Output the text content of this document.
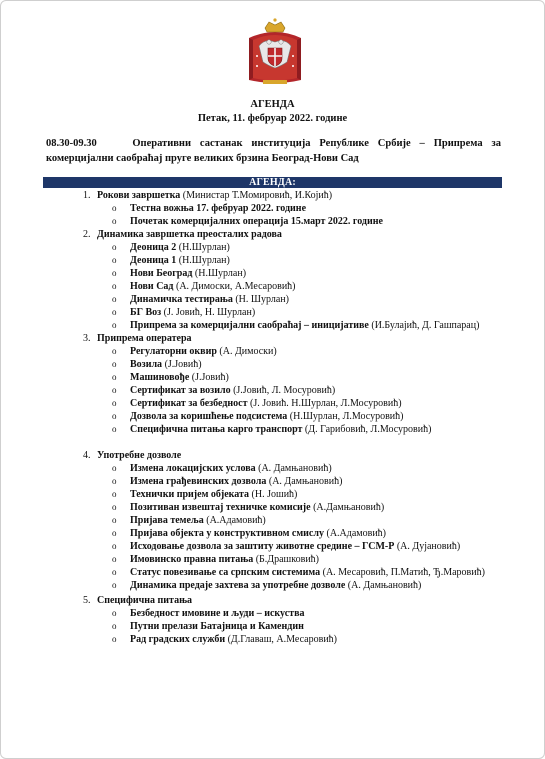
АГЕНДА
Петак, 11. фебруар 2022. године
08.30-09.30	Оперативни састанак институција Републике Србије – Припрема за комерцијални саобраћај пруге великих брзина Београд-Нови Сад
АГЕНДА:
1. Рокови завршетка (Министар Т.Момировић, И.Којић)
o Тестна вожња 17. фебруар 2022. године
o Почетак комерцијалних операција 15.март 2022. године
2. Динамика завршетка преосталих радова
o Деоница 2 (Н.Шурлан)
o Деоница 1 (Н.Шурлан)
o Нови Београд (Н.Шурлан)
o Нови Сад (А. Димоски, А.Месаровић)
o Динамичка тестирања (Н. Шурлан)
o БГ Воз (Ј. Јовић, Н. Шурлан)
o Припрема за комерцијални саобраћај – иницијативе (И.Булајић, Д. Гашпарац)
3. Припрема оператера
o Регулаторни оквир (А. Димоски)
o Возила (Ј.Јовић)
o Машиновође (Ј.Јовић)
o Сертификат за возило (Ј.Јовић, Л. Мосуровић)
o Сертификат за безбедност (Ј. Јовић. Н.Шурлан, Л.Мосуровић)
o Дозвола за коришћење подсистема (Н.Шурлан, Л.Мосуровић)
o Специфична питања карго транспорт (Д. Гарибовић, Л.Мосуровић)
4. Употребне дозволе
o Измена локацијских услова (А. Дамњановић)
o Измена грађевинских дозвола (А. Дамњановић)
o Технички пријем објеката (Н. Јошић)
o Позитиван извештај техничке комисије (А.Дамњановић)
o Пријава темеља (А.Адамовић)
o Пријава објекта у конструктивном смислу (А.Адамовић)
o Исходовање дозвола за заштиту животне средине – ГСМ-Р (А. Дујановић)
o Имовинско правна питања (Б.Драшковић)
o Статус повезивање са српским системима (А. Месаровић, П.Матић, Ђ.Маровић)
o Динамика предаје захтева за употребне дозволе (А. Дамњановић)
5. Специфична питања
o Безбедност имовине и људи – искуства
o Путни прелази Батајница и Камендин
o Рад градских служби (Д.Главаш, А.Месаровић)
